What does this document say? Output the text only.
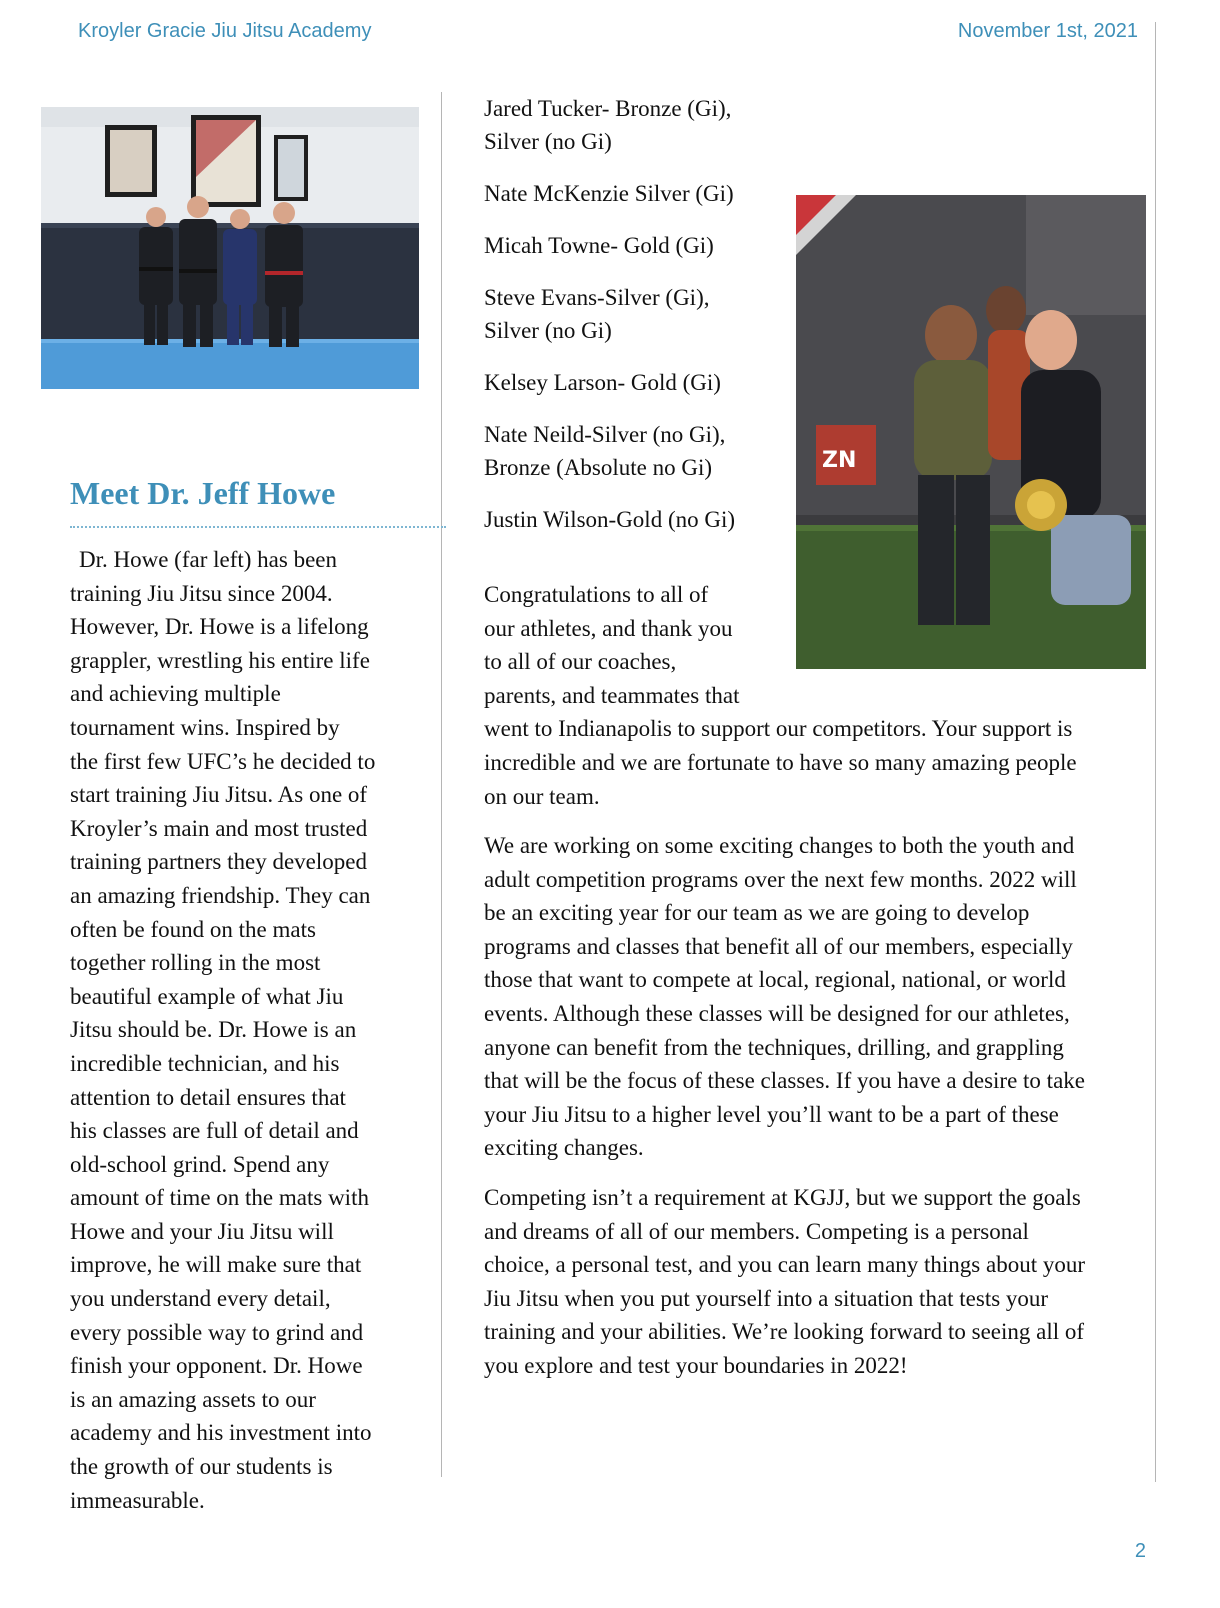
Kroyler Gracie Jiu Jitsu Academy	November 1st, 2021
ZN
Meet Dr. Jeff Howe

Dr. Howe (far left) has been
training Jiu Jitsu since 2004.
However, Dr. Howe is a lifelong
grappler, wrestling his entire life
and achieving multiple
tournament wins. Inspired by
the first few UFC’s he decided to
start training Jiu Jitsu. As one of
Kroyler’s main and most trusted
training partners they developed
an amazing friendship. They can
often be found on the mats
together rolling in the most
beautiful example of what Jiu
Jitsu should be. Dr. Howe is an
incredible technician, and his
attention to detail ensures that
his classes are full of detail and
old-school grind. Spend any
amount of time on the mats with
Howe and your Jiu Jitsu will
improve, he will make sure that
you understand every detail,
every possible way to grind and
finish your opponent. Dr. Howe
is an amazing assets to our
academy and his investment into
the growth of our students is
immeasurable.

Jared Tucker- Bronze (Gi), Silver (no Gi)

Nate McKenzie Silver (Gi)

Micah Towne- Gold (Gi)

Steve Evans-Silver (Gi),
Silver (no Gi)

Kelsey Larson- Gold (Gi)

Nate Neild-Silver (no Gi),
Bronze (Absolute no Gi)

Justin Wilson-Gold (no Gi)

Congratulations to all of
our athletes, and thank you
to all of our coaches,
parents, and teammates that
went to Indianapolis to support our competitors. Your support is
incredible and we are fortunate to have so many amazing people
on our team.

We are working on some exciting changes to both the youth and
adult competition programs over the next few months. 2022 will
be an exciting year for our team as we are going to develop
programs and classes that benefit all of our members, especially
those that want to compete at local, regional, national, or world
events. Although these classes will be designed for our athletes,
anyone can benefit from the techniques, drilling, and grappling
that will be the focus of these classes. If you have a desire to take
your Jiu Jitsu to a higher level you’ll want to be a part of these
exciting changes.

Competing isn’t a requirement at KGJJ, but we support the goals
and dreams of all of our members. Competing is a personal
choice, a personal test, and you can learn many things about your
Jiu Jitsu when you put yourself into a situation that tests your
training and your abilities. We’re looking forward to seeing all of
you explore and test your boundaries in 2022!

2
